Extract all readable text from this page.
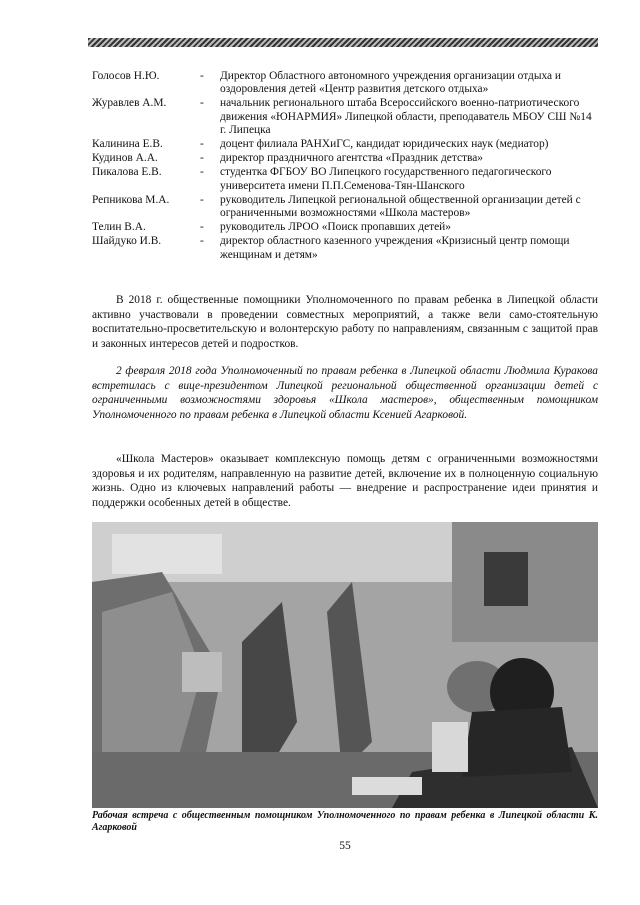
Голосов Н.Ю.	-	Директор Областного автономного учреждения организации отдыха и оздоровления детей «Центр развития детского отдыха»
Журавлев А.М.	-	начальник регионального штаба Всероссийского военно-патриотического движения «ЮНАРМИЯ» Липецкой области, преподаватель МБОУ СШ №14 г. Липецка
Калинина Е.В.	-	доцент филиала РАНХиГС, кандидат юридических наук (медиатор)
Кудинов А.А.	-	директор праздничного агентства «Праздник детства»
Пикалова Е.В.	-	студентка ФГБОУ ВО Липецкого государственного педагогического университета имени П.П.Семенова-Тян-Шанского
Репникова М.А.	-	руководитель Липецкой региональной общественной организации детей с ограниченными возможностями «Школа мастеров»
Телин В.А.	-	руководитель ЛРОО «Поиск пропавших детей»
Шайдуко И.В.	-	директор областного казенного учреждения «Кризисный центр помощи женщинам и детям»

В 2018 г. общественные помощники Уполномоченного по правам ребенка в Липецкой области активно участвовали в проведении совместных мероприятий, а также вели само-стоятельную воспитательно-просветительскую и волонтерскую работу по направлениям, связанным с защитой прав и законных интересов детей и подростков.

2 февраля 2018 года Уполномоченный по правам ребенка в Липецкой области Людмила Куракова встретилась с вице-президентом Липецкой региональной общественной организации детей с ограниченными возможностями здоровья «Школа мастеров», общественным помощником Уполномоченного по правам ребенка в Липецкой области Ксенией Агарковой.

«Школа Мастеров» оказывает комплексную помощь детям с ограниченными возможностями здоровья и их родителям, направленную на развитие детей, включение их в полноценную социальную жизнь. Одно из ключевых направлений работы — внедрение и распространение идеи принятия и поддержки особенных детей в обществе.

Рабочая встреча с общественным помощником Уполномоченного по правам ребенка в Липецкой области К. Агарковой

55
